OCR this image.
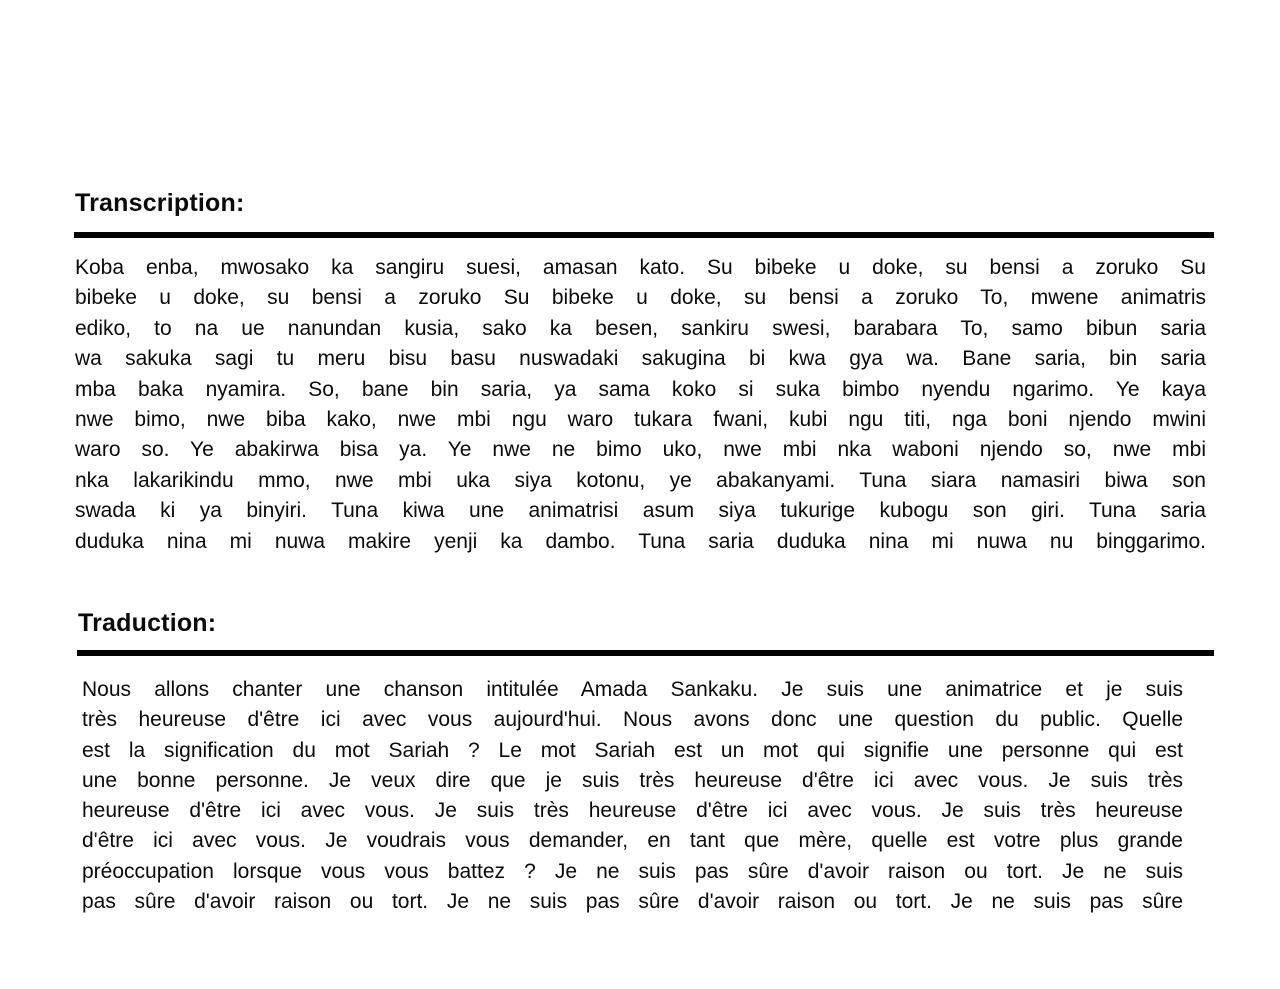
Transcription:
Koba enba, mwosako ka sangiru suesi, amasan kato. Su bibeke u doke, su bensi a zoruko Su
bibeke u doke, su bensi a zoruko Su bibeke u doke, su bensi a zoruko To, mwene animatris
ediko, to na ue nanundan kusia, sako ka besen, sankiru swesi, barabara To, samo bibun saria
wa sakuka sagi tu meru bisu basu nuswadaki sakugina bi kwa gya wa. Bane saria, bin saria
mba baka nyamira. So, bane bin saria, ya sama koko si suka bimbo nyendu ngarimo. Ye kaya
nwe bimo, nwe biba kako, nwe mbi ngu waro tukara fwani, kubi ngu titi, nga boni njendo mwini
waro so. Ye abakirwa bisa ya. Ye nwe ne bimo uko, nwe mbi nka waboni njendo so, nwe mbi
nka lakarikindu mmo, nwe mbi uka siya kotonu, ye abakanyami. Tuna siara namasiri biwa son
swada ki ya binyiri. Tuna kiwa une animatrisi asum siya tukurige kubogu son giri. Tuna saria
duduka nina mi nuwa makire yenji ka dambo. Tuna saria duduka nina mi nuwa nu binggarimo.
Traduction:
Nous allons chanter une chanson intitulée Amada Sankaku. Je suis une animatrice et je suis
très heureuse d'être ici avec vous aujourd'hui. Nous avons donc une question du public. Quelle
est la signification du mot Sariah ? Le mot Sariah est un mot qui signifie une personne qui est
une bonne personne. Je veux dire que je suis très heureuse d'être ici avec vous. Je suis très
heureuse d'être ici avec vous. Je suis très heureuse d'être ici avec vous. Je suis très heureuse
d'être ici avec vous. Je voudrais vous demander, en tant que mère, quelle est votre plus grande
préoccupation lorsque vous vous battez ? Je ne suis pas sûre d'avoir raison ou tort. Je ne suis
pas sûre d'avoir raison ou tort. Je ne suis pas sûre d'avoir raison ou tort. Je ne suis pas sûre
